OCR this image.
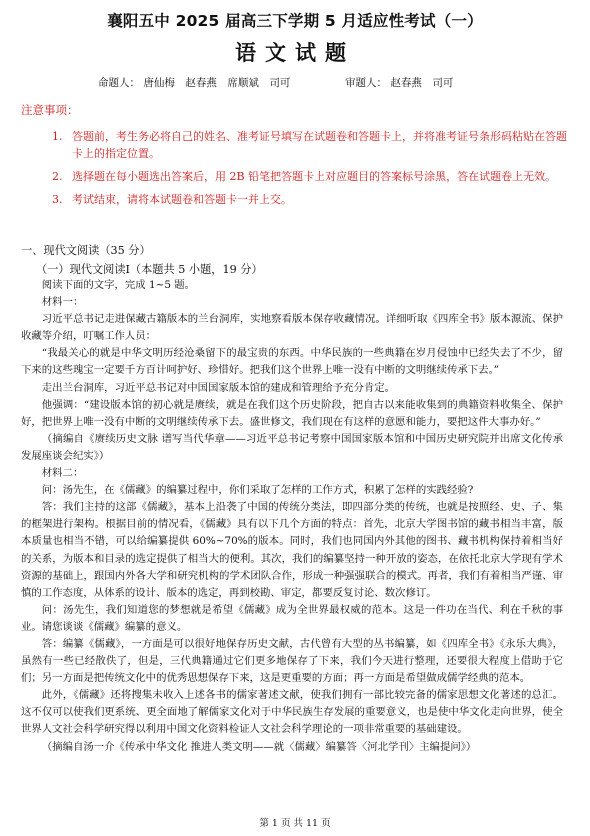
襄阳五中 2025 届高三下学期 5 月适应性考试（一）
语文试题
命题人： 唐仙梅　赵春燕　席顺斌　司可	审题人： 赵春燕　司可
注意事项：
1. 答题前，考生务必将自己的姓名、准考证号填写在试题卷和答题卡上，并将准考证号条形码粘贴在答题卡上的指定位置。
2. 选择题在每小题选出答案后，用 2B 铅笔把答题卡上对应题目的答案标号涂黑，答在试题卷上无效。
3. 考试结束，请将本试题卷和答题卡一并上交。
一、现代文阅读（35 分）
（一）现代文阅读Ⅰ（本题共 5 小题，19 分）
阅读下面的文字，完成 1~5 题。
材料一：
习近平总书记走进保藏古籍版本的兰台洞库，实地察看版本保存收藏情况。详细听取《四库全书》版本源流、保护收藏等介绍，叮嘱工作人员：
“我最关心的就是中华文明历经沧桑留下的最宝贵的东西。中华民族的一些典籍在岁月侵蚀中已经失去了不少，留下来的这些瑰宝一定要千方百计呵护好、珍惜好。把我们这个世界上唯一没有中断的文明继续传承下去。”
走出兰台洞库，习近平总书记对中国国家版本馆的建成和管理给予充分肯定。
他强调：“建设版本馆的初心就是赓续，就是在我们这个历史阶段，把自古以来能收集到的典籍资料收集全、保护好，把世界上唯一没有中断的文明继续传承下去。盛世修文，我们现在有这样的意愿和能力，要把这件大事办好。”
（摘编自《赓续历史文脉 谱写当代华章——习近平总书记考察中国国家版本馆和中国历史研究院并出席文化传承发展座谈会纪实》）
材料二：
问：汤先生，在《儒藏》的编纂过程中，你们采取了怎样的工作方式，积累了怎样的实践经验?
答：我们主持的这部《儒藏》，基本上沿袭了中国的传统分类法，即四部分类的传统，也就是按照经、史、子、集的框架进行架构。根据目前的情况看，《儒藏》具有以下几个方面的特点：首先，北京大学图书馆的藏书相当丰富，版本质量也相当不错，可以给编纂提供 60%~70%的版本。同时，我们也同国内外其他的图书、藏书机构保持着相当好的关系，为版本和目录的选定提供了相当大的便利。其次，我们的编纂坚持一种开放的姿态，在依托北京大学现有学术资源的基础上，跟国内外各大学和研究机构的学术团队合作，形成一种强强联合的模式。再者，我们有着相当严谨、审慎的工作态度，从体系的设计、版本的选定，再到校勘、审定，都要反复讨论、数次修订。
问：汤先生，我们知道您的梦想就是希望《儒藏》成为全世界最权威的范本。这是一件功在当代、利在千秋的事业。请您谈谈《儒藏》编纂的意义。
答：编纂《儒藏》，一方面是可以很好地保存历史文献，古代曾有大型的丛书编纂，如《四库全书》《永乐大典》，虽然有一些已经散佚了，但是，三代典籍通过它们更多地保存了下来，我们今天进行整理，还要很大程度上借助于它们；另一方面是把传统文化中的优秀思想保存下来，这是更重要的方面；再一方面是希望做成儒学经典的范本。
此外，《儒藏》还将搜集未收入上述各书的儒家著述文献，使我们拥有一部比较完备的儒家思想文化著述的总汇。这不仅可以使我们更系统、更全面地了解儒家文化对于中华民族生存发展的重要意义，也是使中华文化走向世界，使全世界人文社会科学研究得以利用中国文化资料检证人文社会科学理论的一项非常重要的基础建设。
（摘编自汤一介《传承中华文化 推进人类文明——就〈儒藏〉编纂答〈河北学刊〉主编提问》）
第 1 页 共 11 页
